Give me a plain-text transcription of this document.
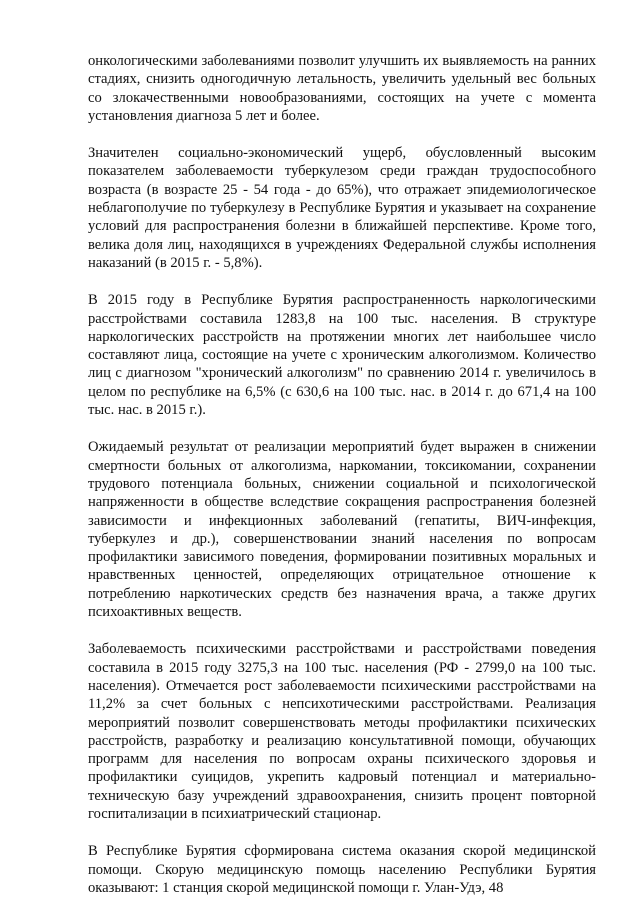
онкологическими заболеваниями позволит улучшить их выявляемость на ранних стадиях, снизить одногодичную летальность, увеличить удельный вес больных со злокачественными новообразованиями, состоящих на учете с момента установления диагноза 5 лет и более.

Значителен социально-экономический ущерб, обусловленный высоким показателем заболеваемости туберкулезом среди граждан трудоспособного возраста (в возрасте 25 - 54 года - до 65%), что отражает эпидемиологическое неблагополучие по туберкулезу в Республике Бурятия и указывает на сохранение условий для распространения болезни в ближайшей перспективе. Кроме того, велика доля лиц, находящихся в учреждениях Федеральной службы исполнения наказаний (в 2015 г. - 5,8%).

В 2015 году в Республике Бурятия распространенность наркологическими расстройствами составила 1283,8 на 100 тыс. населения. В структуре наркологических расстройств на протяжении многих лет наибольшее число составляют лица, состоящие на учете с хроническим алкоголизмом. Количество лиц с диагнозом "хронический алкоголизм" по сравнению 2014 г. увеличилось в целом по республике на 6,5% (с 630,6 на 100 тыс. нас. в 2014 г. до 671,4 на 100 тыс. нас. в 2015 г.).

Ожидаемый результат от реализации мероприятий будет выражен в снижении смертности больных от алкоголизма, наркомании, токсикомании, сохранении трудового потенциала больных, снижении социальной и психологической напряженности в обществе вследствие сокращения распространения болезней зависимости и инфекционных заболеваний (гепатиты, ВИЧ-инфекция, туберкулез и др.), совершенствовании знаний населения по вопросам профилактики зависимого поведения, формировании позитивных моральных и нравственных ценностей, определяющих отрицательное отношение к потреблению наркотических средств без назначения врача, а также других психоактивных веществ.

Заболеваемость психическими расстройствами и расстройствами поведения составила в 2015 году 3275,3 на 100 тыс. населения (РФ - 2799,0 на 100 тыс. населения). Отмечается рост заболеваемости психическими расстройствами на 11,2% за счет больных с непсихотическими расстройствами. Реализация мероприятий позволит совершенствовать методы профилактики психических расстройств, разработку и реализацию консультативной помощи, обучающих программ для населения по вопросам охраны психического здоровья и профилактики суицидов, укрепить кадровый потенциал и материально-техническую базу учреждений здравоохранения, снизить процент повторной госпитализации в психиатрический стационар.

В Республике Бурятия сформирована система оказания скорой медицинской помощи. Скорую медицинскую помощь населению Республики Бурятия оказывают: 1 станция скорой медицинской помощи г. Улан-Удэ, 48
